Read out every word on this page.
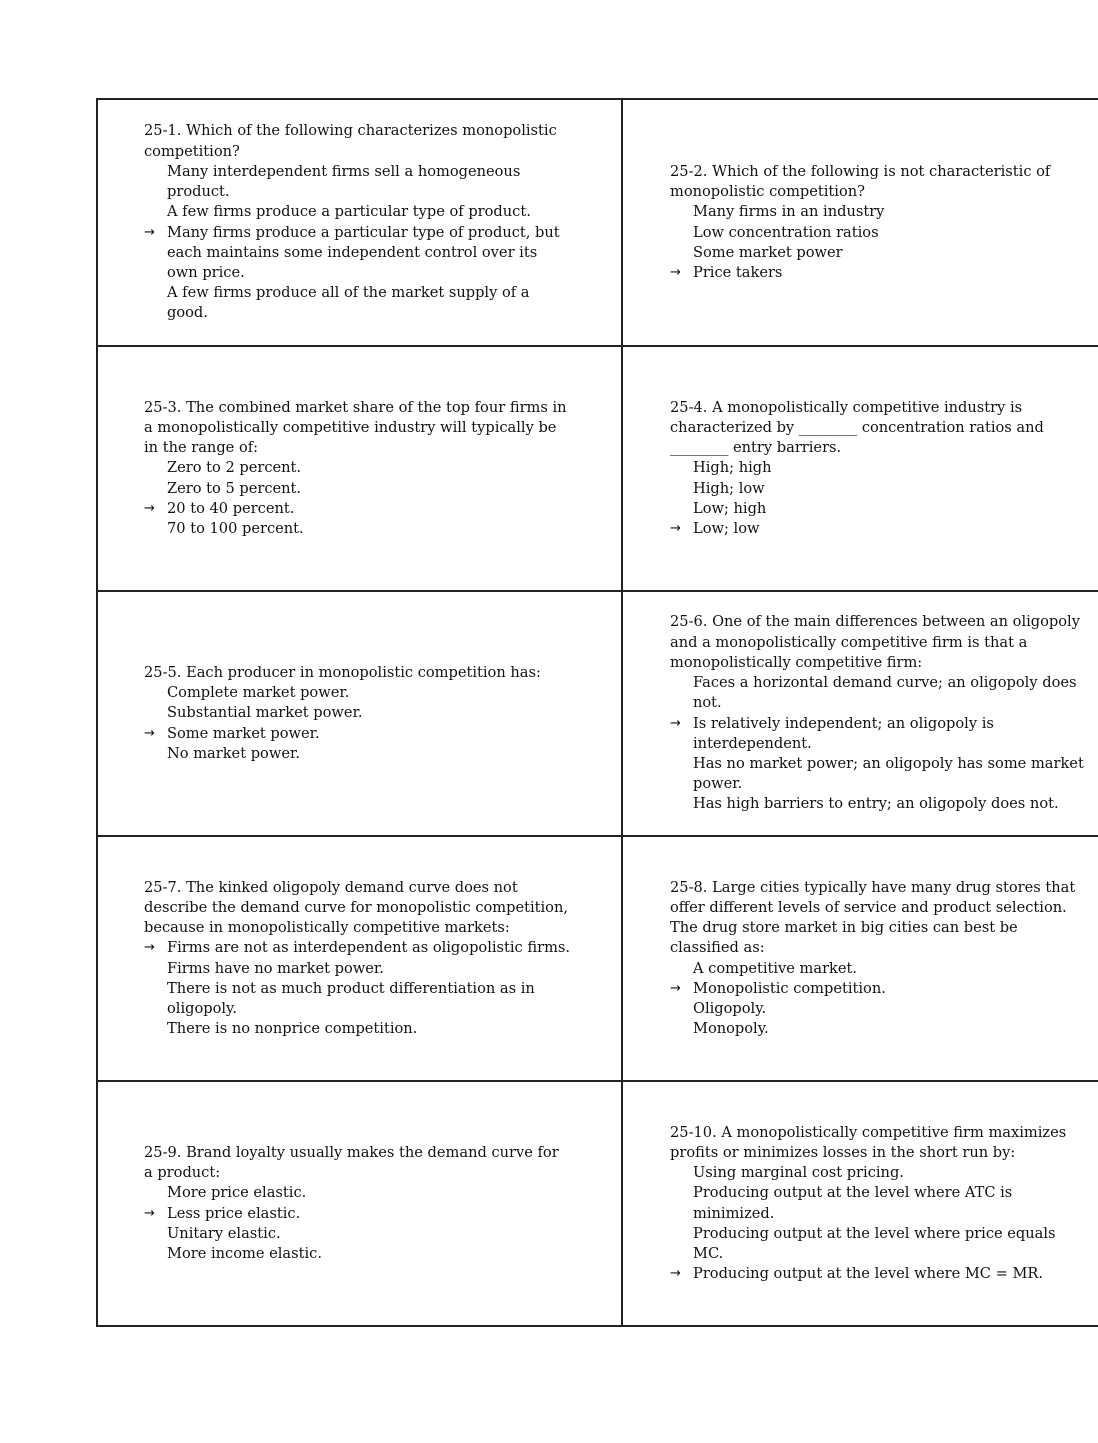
25-1. Which of the following characterizes monopolistic competition?

Many interdependent firms sell a homogeneous product.

A few firms produce a particular type of product.

→ Many firms produce a particular type of product, but each maintains some independent control over its own price.

A few firms produce all of the market supply of a good.

25-2. Which of the following is not characteristic of monopolistic competition?

Many firms in an industry

Low concentration ratios

Some market power

→ Price takers

25-3. The combined market share of the top four firms in a monopolistically competitive industry will typically be in the range of:

Zero to 2 percent.

Zero to 5 percent.

→ 20 to 40 percent.

70 to 100 percent.

25-4. A monopolistically competitive industry is characterized by ________ concentration ratios and ________ entry barriers.

High; high

High; low

Low; high

→ Low; low

25-5. Each producer in monopolistic competition has:

Complete market power.

Substantial market power.

→ Some market power.

No market power.

25-6. One of the main differences between an oligopoly and a monopolistically competitive firm is that a monopolistically competitive firm:

Faces a horizontal demand curve; an oligopoly does not.

→ Is relatively independent; an oligopoly is interdependent.

Has no market power; an oligopoly has some market power.

Has high barriers to entry; an oligopoly does not.

25-7. The kinked oligopoly demand curve does not describe the demand curve for monopolistic competition, because in monopolistically competitive markets:

→ Firms are not as interdependent as oligopolistic firms.

Firms have no market power.

There is not as much product differentiation as in oligopoly.

There is no nonprice competition.

25-8. Large cities typically have many drug stores that offer different levels of service and product selection. The drug store market in big cities can best be classified as:

A competitive market.

→ Monopolistic competition.

Oligopoly.

Monopoly.

25-9. Brand loyalty usually makes the demand curve for a product:

More price elastic.

→ Less price elastic.

Unitary elastic.

More income elastic.

25-10. A monopolistically competitive firm maximizes profits or minimizes losses in the short run by:

Using marginal cost pricing.

Producing output at the level where ATC is minimized.

Producing output at the level where price equals MC.

→ Producing output at the level where MC = MR.
